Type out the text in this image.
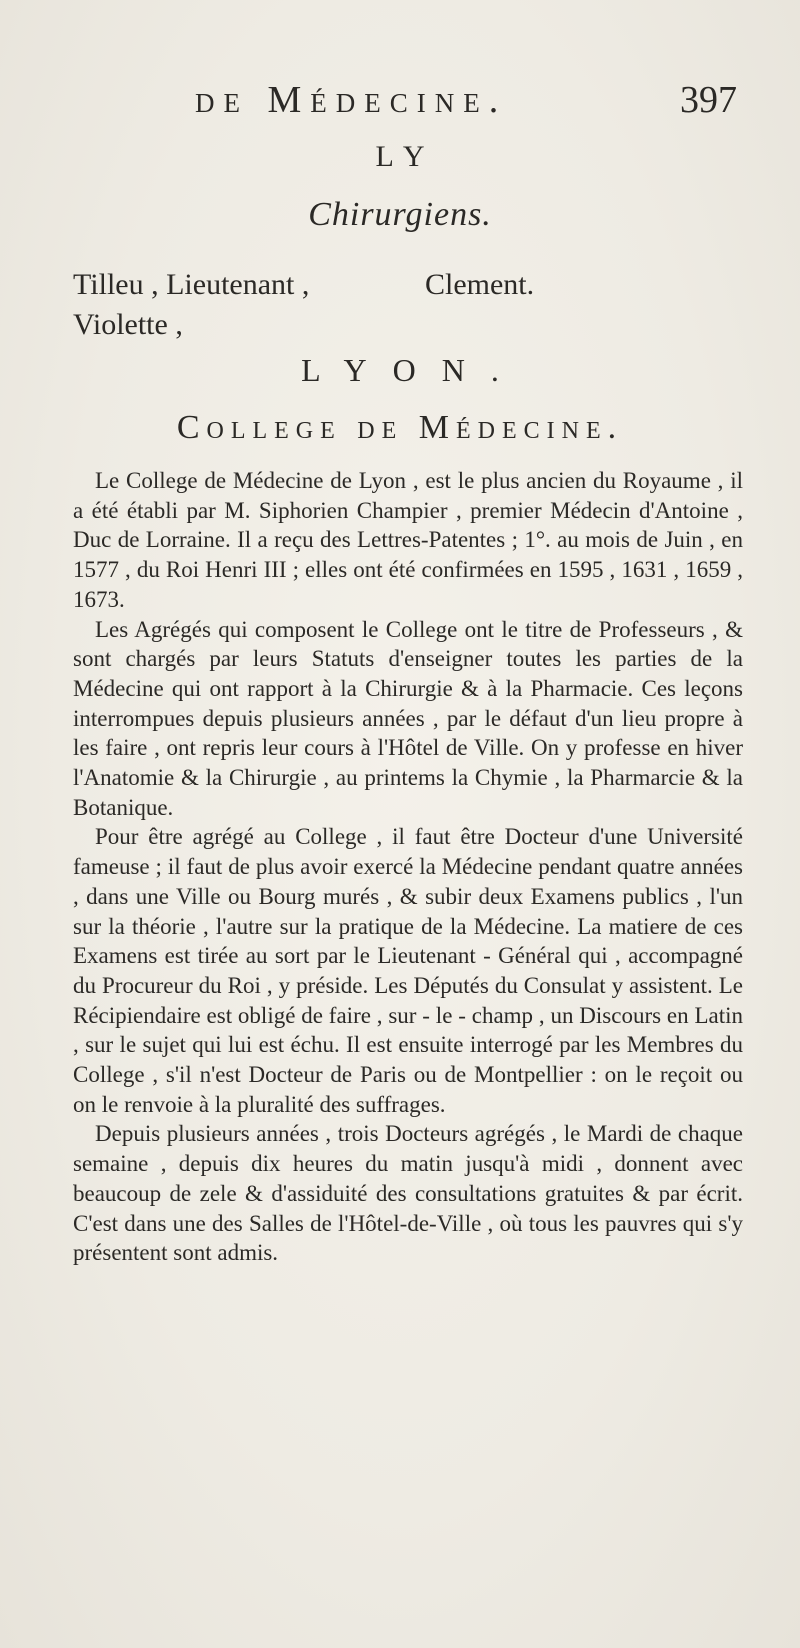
de Médecine.	397
LY
Chirurgiens.
Tilleu , Lieutenant ,	Clement.
Violette ,
LYON.
College de Médecine.

Le College de Médecine de Lyon , est le plus ancien du Royaume , il a été établi par M. Siphorien Champier , premier Médecin d'Antoine , Duc de Lorraine. Il a reçu des Lettres-Patentes ; 1°. au mois de Juin , en 1577 , du Roi Henri III ; elles ont été confirmées en 1595 , 1631 , 1659 , 1673.

Les Agrégés qui composent le College ont le titre de Professeurs , & sont chargés par leurs Statuts d'enseigner toutes les parties de la Médecine qui ont rapport à la Chirurgie & à la Pharmacie. Ces leçons interrompues depuis plusieurs années , par le défaut d'un lieu propre à les faire , ont repris leur cours à l'Hôtel de Ville. On y professe en hiver l'Anatomie & la Chirurgie , au printems la Chymie , la Pharmarcie & la Botanique.

Pour être agrégé au College , il faut être Docteur d'une Université fameuse ; il faut de plus avoir exercé la Médecine pendant quatre années , dans une Ville ou Bourg murés , & subir deux Examens publics , l'un sur la théorie , l'autre sur la pratique de la Médecine. La matiere de ces Examens est tirée au sort par le Lieutenant - Général qui , accompagné du Procureur du Roi , y préside. Les Députés du Consulat y assistent. Le Récipiendaire est obligé de faire , sur - le - champ , un Discours en Latin , sur le sujet qui lui est échu. Il est ensuite interrogé par les Membres du College , s'il n'est Docteur de Paris ou de Montpellier : on le reçoit ou on le renvoie à la pluralité des suffrages.

Depuis plusieurs années , trois Docteurs agrégés , le Mardi de chaque semaine , depuis dix heures du matin jusqu'à midi , donnent avec beaucoup de zele & d'assiduité des consultations gratuites & par écrit. C'est dans une des Salles de l'Hôtel-de-Ville , où tous les pauvres qui s'y présentent sont admis.
